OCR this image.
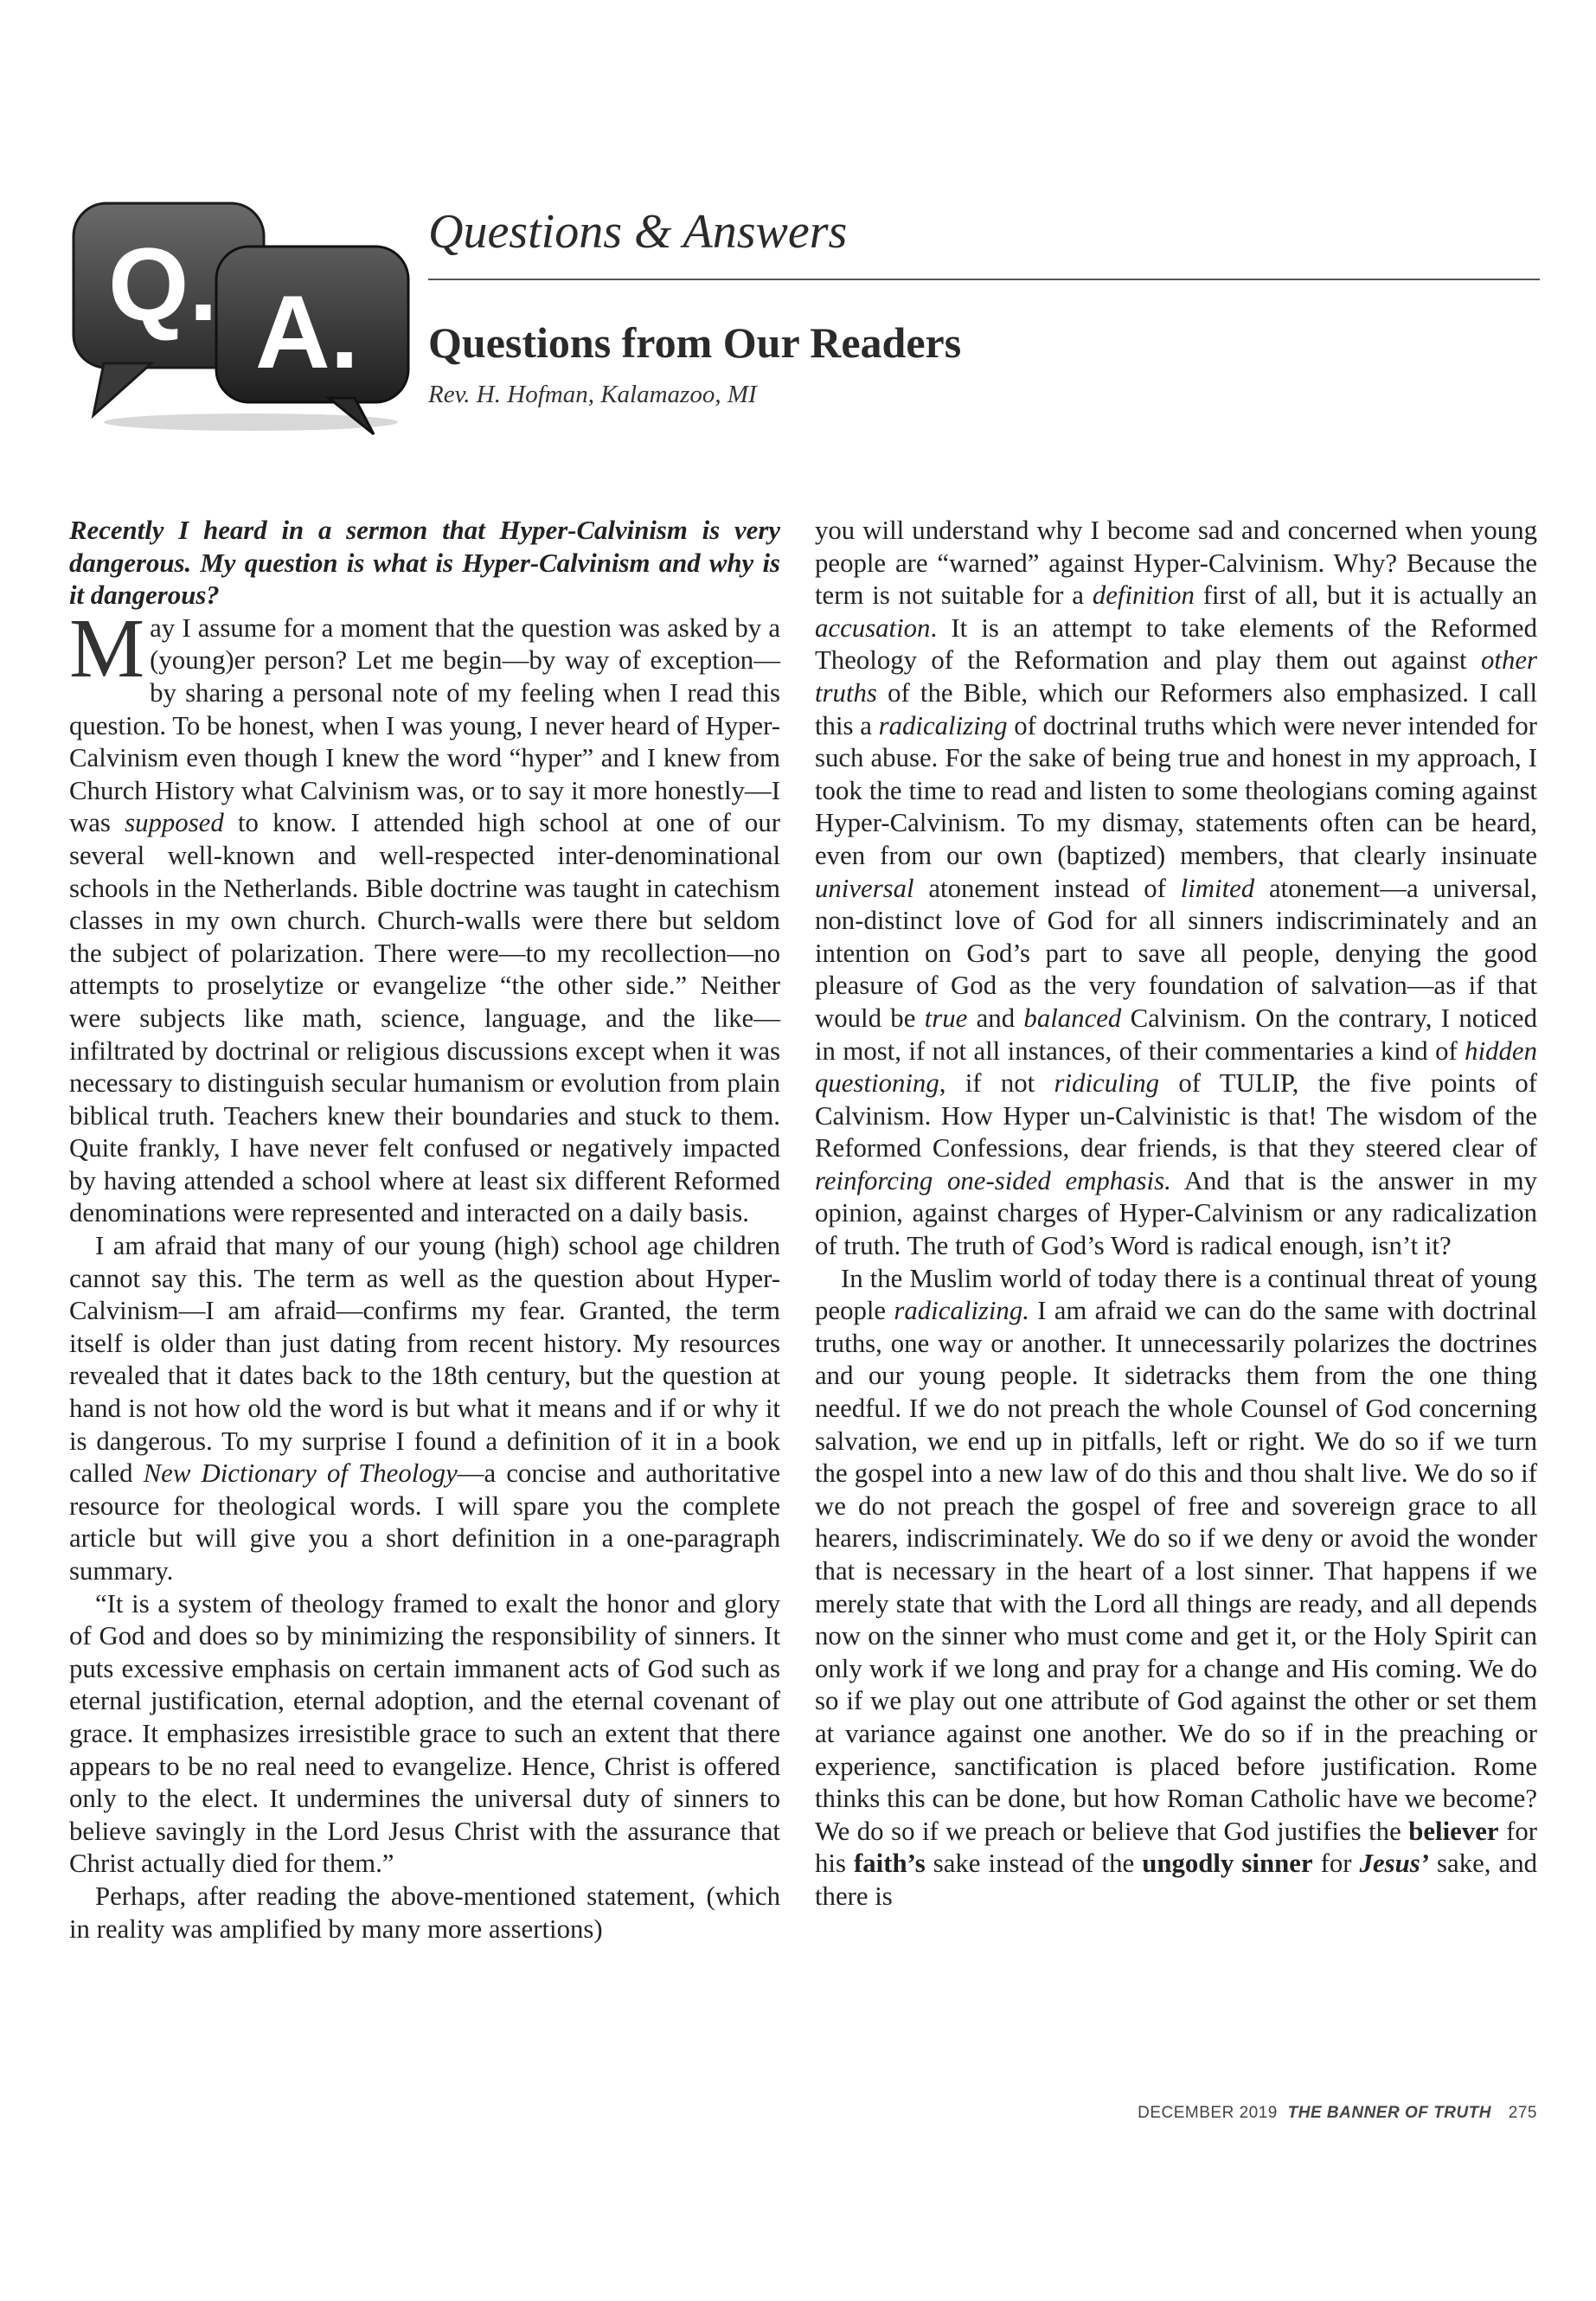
Q. A.
Questions & Answers
Questions from Our Readers
Rev. H. Hofman, Kalamazoo, MI

Recently I heard in a sermon that Hyper-Calvinism is very dangerous. My question is what is Hyper-Calvinism and why is it dangerous?

May I assume for a moment that the question was asked by a (young)er person? Let me begin—by way of exception—by sharing a personal note of my feeling when I read this question. To be honest, when I was young, I never heard of Hyper-Calvinism even though I knew the word “hyper” and I knew from Church History what Calvinism was, or to say it more honestly—I was supposed to know. I attended high school at one of our several well-known and well-respected inter-denominational schools in the Netherlands. Bible doctrine was taught in catechism classes in my own church. Church-walls were there but seldom the subject of polarization. There were—to my recollection—no attempts to proselytize or evangelize “the other side.” Neither were subjects like math, science, language, and the like—infiltrated by doctrinal or religious discussions except when it was necessary to distinguish secular humanism or evolution from plain biblical truth. Teachers knew their boundaries and stuck to them. Quite frankly, I have never felt confused or negatively impacted by having attended a school where at least six different Reformed denominations were represented and interacted on a daily basis.

I am afraid that many of our young (high) school age children cannot say this. The term as well as the question about Hyper-Calvinism—I am afraid—confirms my fear. Granted, the term itself is older than just dating from recent history. My resources revealed that it dates back to the 18th century, but the question at hand is not how old the word is but what it means and if or why it is dangerous. To my surprise I found a definition of it in a book called New Dictionary of Theology—a concise and authoritative resource for theological words. I will spare you the complete article but will give you a short definition in a one-paragraph summary.

“It is a system of theology framed to exalt the honor and glory of God and does so by minimizing the responsibility of sinners. It puts excessive emphasis on certain immanent acts of God such as eternal justification, eternal adoption, and the eternal covenant of grace. It emphasizes irresistible grace to such an extent that there appears to be no real need to evangelize. Hence, Christ is offered only to the elect. It undermines the universal duty of sinners to believe savingly in the Lord Jesus Christ with the assurance that Christ actually died for them.”

Perhaps, after reading the above-mentioned statement, (which in reality was amplified by many more assertions)

you will understand why I become sad and concerned when young people are “warned” against Hyper-Calvinism. Why? Because the term is not suitable for a definition first of all, but it is actually an accusation. It is an attempt to take elements of the Reformed Theology of the Reformation and play them out against other truths of the Bible, which our Reformers also emphasized. I call this a radicalizing of doctrinal truths which were never intended for such abuse. For the sake of being true and honest in my approach, I took the time to read and listen to some theologians coming against Hyper-Calvinism. To my dismay, statements often can be heard, even from our own (baptized) members, that clearly insinuate universal atonement instead of limited atonement—a universal, non-distinct love of God for all sinners indiscriminately and an intention on God’s part to save all people, denying the good pleasure of God as the very foundation of salvation—as if that would be true and balanced Calvinism. On the contrary, I noticed in most, if not all instances, of their commentaries a kind of hidden questioning, if not ridiculing of TULIP, the five points of Calvinism. How Hyper un-Calvinistic is that! The wisdom of the Reformed Confessions, dear friends, is that they steered clear of reinforcing one-sided emphasis. And that is the answer in my opinion, against charges of Hyper-Calvinism or any radicalization of truth. The truth of God’s Word is radical enough, isn’t it?

In the Muslim world of today there is a continual threat of young people radicalizing. I am afraid we can do the same with doctrinal truths, one way or another. It unnecessarily polarizes the doctrines and our young people. It sidetracks them from the one thing needful. If we do not preach the whole Counsel of God concerning salvation, we end up in pitfalls, left or right. We do so if we turn the gospel into a new law of do this and thou shalt live. We do so if we do not preach the gospel of free and sovereign grace to all hearers, indiscriminately. We do so if we deny or avoid the wonder that is necessary in the heart of a lost sinner. That happens if we merely state that with the Lord all things are ready, and all depends now on the sinner who must come and get it, or the Holy Spirit can only work if we long and pray for a change and His coming. We do so if we play out one attribute of God against the other or set them at variance against one another. We do so if in the preaching or experience, sanctification is placed before justification. Rome thinks this can be done, but how Roman Catholic have we become? We do so if we preach or believe that God justifies the believer for his faith’s sake instead of the ungodly sinner for Jesus’ sake, and there is

DECEMBER 2019 THE BANNER OF TRUTH 275
